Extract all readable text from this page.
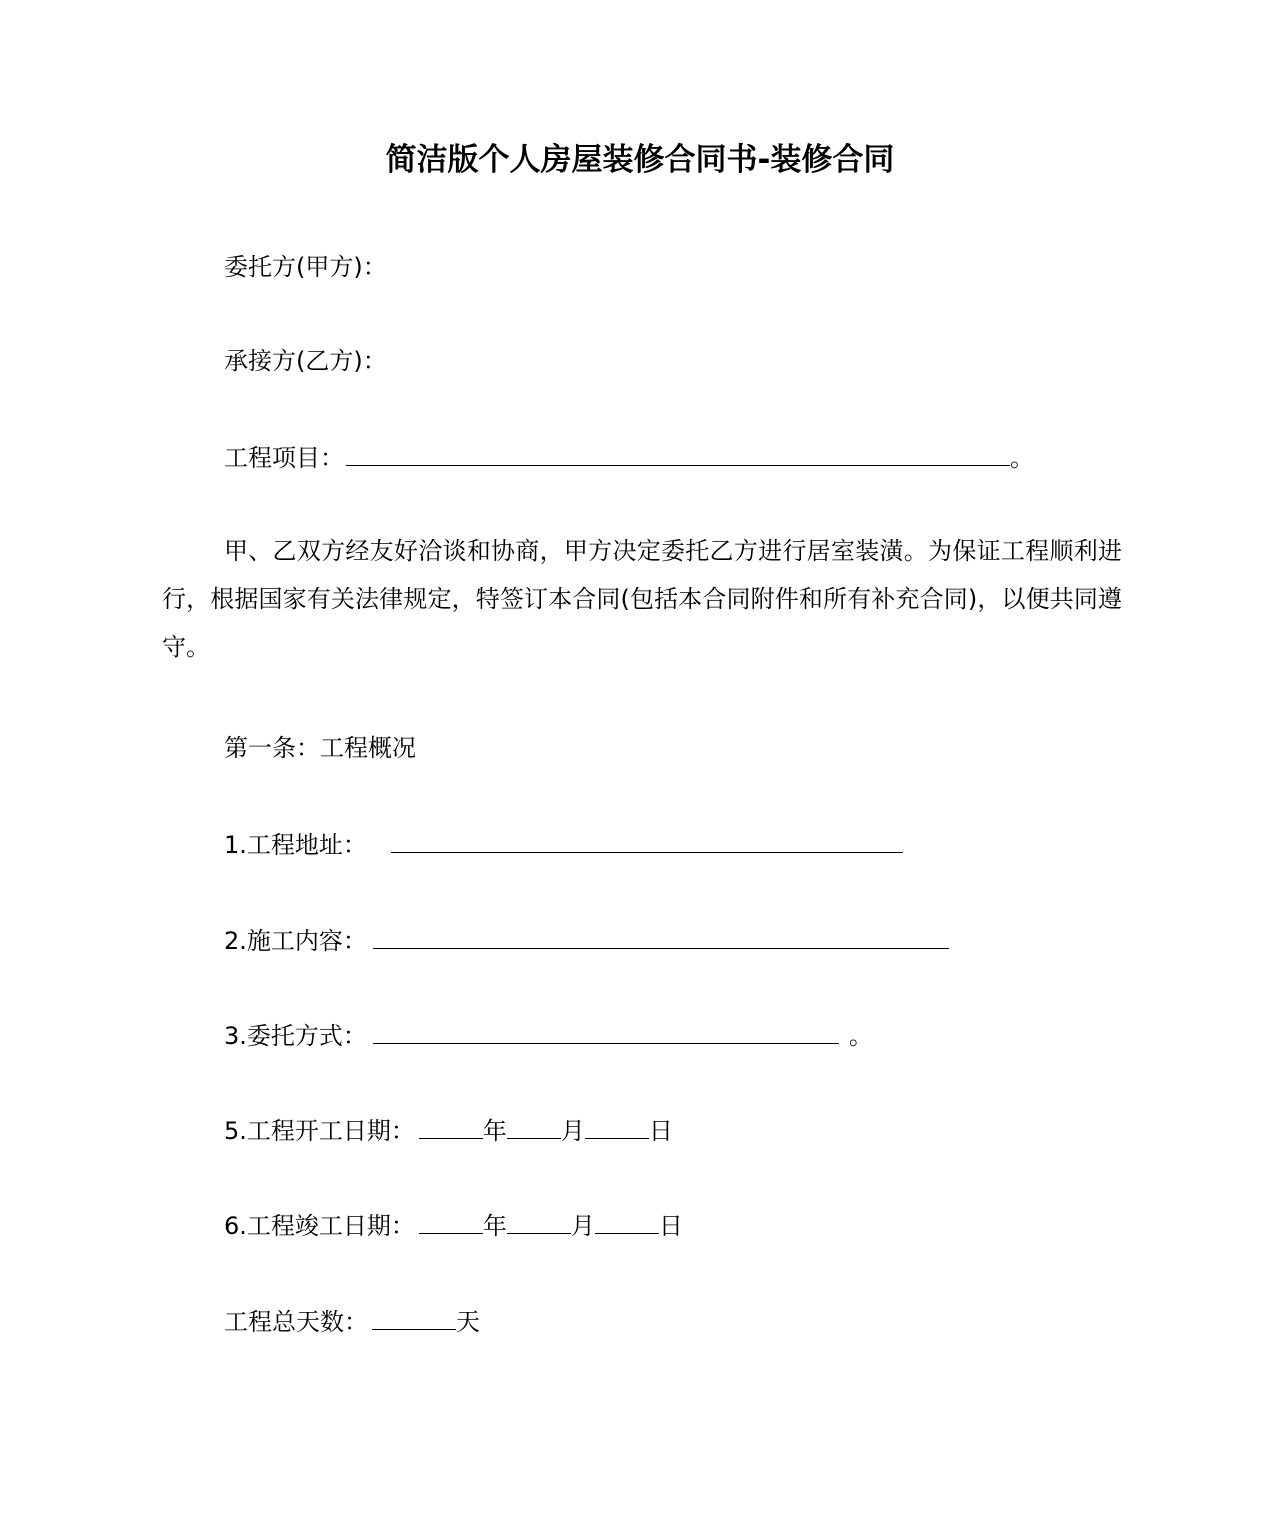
简洁版个人房屋装修合同书-装修合同
委托方(甲方)：
承接方(乙方)：
工程项目：	。
甲、乙双方经友好洽谈和协商，甲方决定委托乙方进行居室装潢。为保证工程顺利进行，根据国家有关法律规定，特签订本合同(包括本合同附件和所有补充合同)，以便共同遵守。
第一条：工程概况
1.工程地址：
2.施工内容：
3.委托方式：	。
5.工程开工日期：	年 月	日
6.工程竣工日期：	年	月	日
工程总天数：	天
